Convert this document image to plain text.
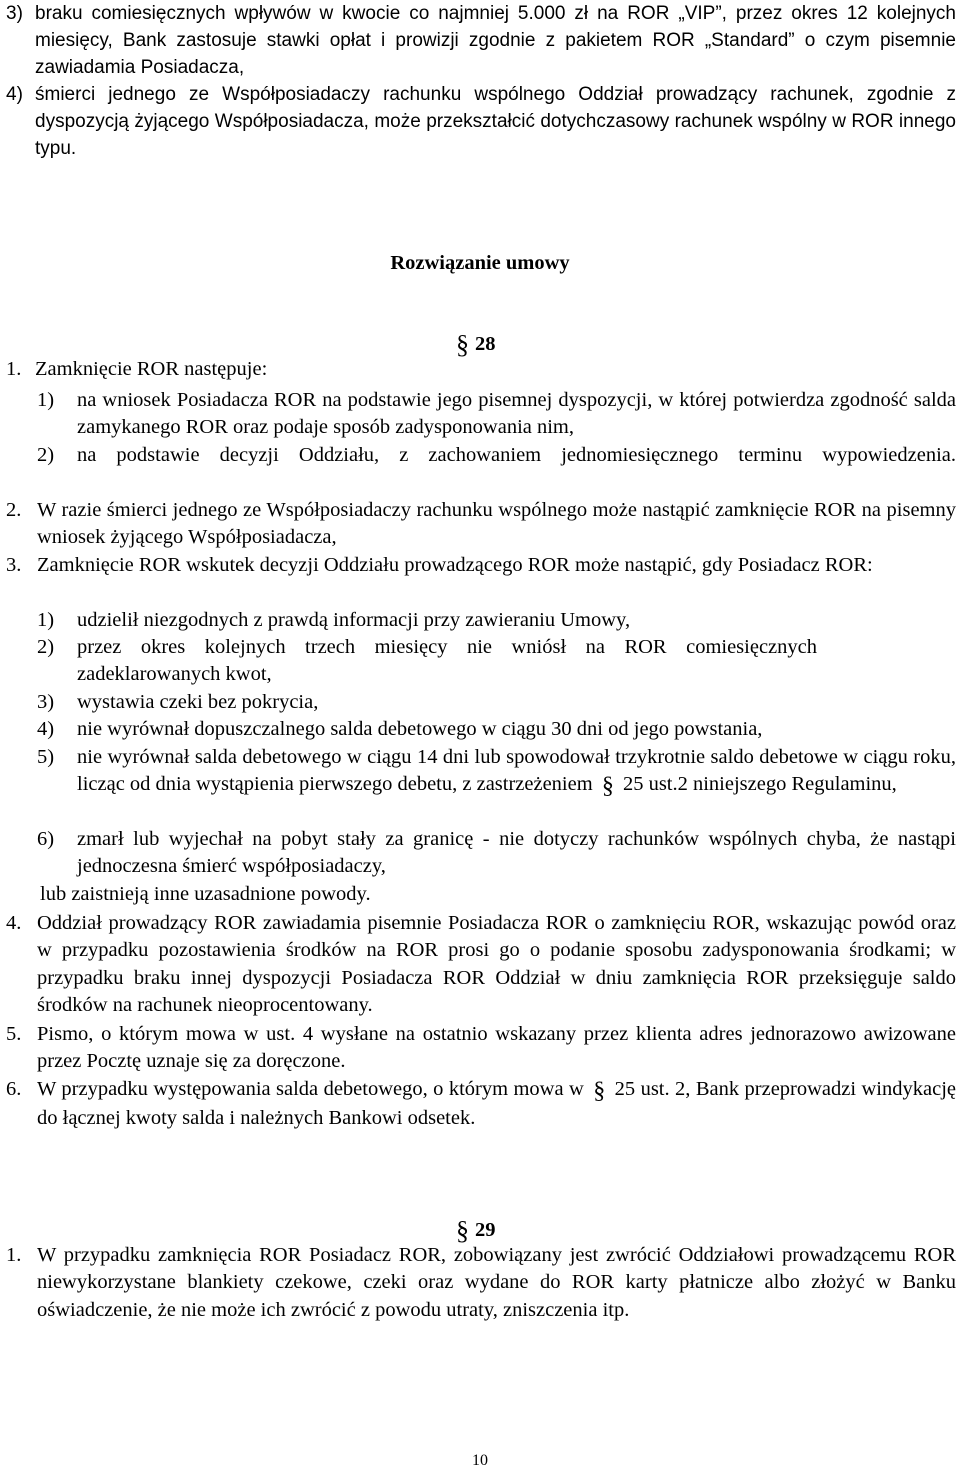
3) braku comiesięcznych wpływów w kwocie co najmniej 5.000 zł na ROR „VIP”, przez okres 12 kolejnych miesięcy, Bank zastosuje stawki opłat i prowizji zgodnie z pakietem ROR „Standard” o czym pisemnie zawiadamia Posiadacza,
4) śmierci jednego ze Współposiadaczy rachunku wspólnego Oddział prowadzący rachunek, zgodnie z dyspozycją żyjącego Współposiadacza, może przekształcić dotychczasowy rachunek wspólny w ROR innego typu.
Rozwiązanie umowy
§ 28
1. Zamknięcie ROR następuje:
1)	na wniosek Posiadacza ROR na podstawie jego pisemnej dyspozycji, w której potwierdza zgodność salda zamykanego ROR oraz podaje sposób zadysponowania nim,
2)	na podstawie decyzji Oddziału, z zachowaniem jednomiesięcznego terminu wypowiedzenia.
2. W razie śmierci jednego ze Współposiadaczy rachunku wspólnego może nastąpić zamknięcie ROR na pisemny wniosek żyjącego Współposiadacza,
3. Zamknięcie ROR wskutek decyzji Oddziału prowadzącego ROR może nastąpić, gdy Posiadacz ROR:
1)	udzielił niezgodnych z prawdą informacji przy zawieraniu Umowy,
2)	przez okres kolejnych trzech miesięcy nie wniósł na ROR comiesięcznych zadeklarowanych kwot,
3)	wystawia czeki bez pokrycia,
4)	nie wyrównał dopuszczalnego salda debetowego w ciągu 30 dni od jego powstania,
5)	nie wyrównał salda debetowego w ciągu 14 dni lub spowodował trzykrotnie saldo debetowe w ciągu roku, licząc od dnia wystąpienia pierwszego debetu, z zastrzeżeniem § 25 ust.2 niniejszego Regulaminu,
6)	zmarł lub wyjechał na pobyt stały za granicę - nie dotyczy rachunków wspólnych chyba, że nastąpi jednoczesna śmierć współposiadaczy,
lub zaistnieją inne uzasadnione powody.
4. Oddział prowadzący ROR zawiadamia pisemnie Posiadacza ROR o zamknięciu ROR, wskazując powód oraz w przypadku pozostawienia środków na ROR prosi go o podanie sposobu zadysponowania środkami; w przypadku braku innej dyspozycji Posiadacza ROR Oddział w dniu zamknięcia ROR przeksięguje saldo środków na rachunek nieoprocentowany.
5. Pismo, o którym mowa w ust. 4 wysłane na ostatnio wskazany przez klienta adres jednorazowo awizowane przez Pocztę uznaje się za doręczone.
6. W przypadku występowania salda debetowego, o którym mowa w § 25 ust. 2, Bank przeprowadzi windykację do łącznej kwoty salda i należnych Bankowi odsetek.
§ 29
1. W przypadku zamknięcia ROR Posiadacz ROR, zobowiązany jest zwrócić Oddziałowi prowadzącemu ROR niewykorzystane blankiety czekowe, czeki oraz wydane do ROR karty płatnicze albo złożyć w Banku oświadczenie, że nie może ich zwrócić z powodu utraty, zniszczenia itp.
10
